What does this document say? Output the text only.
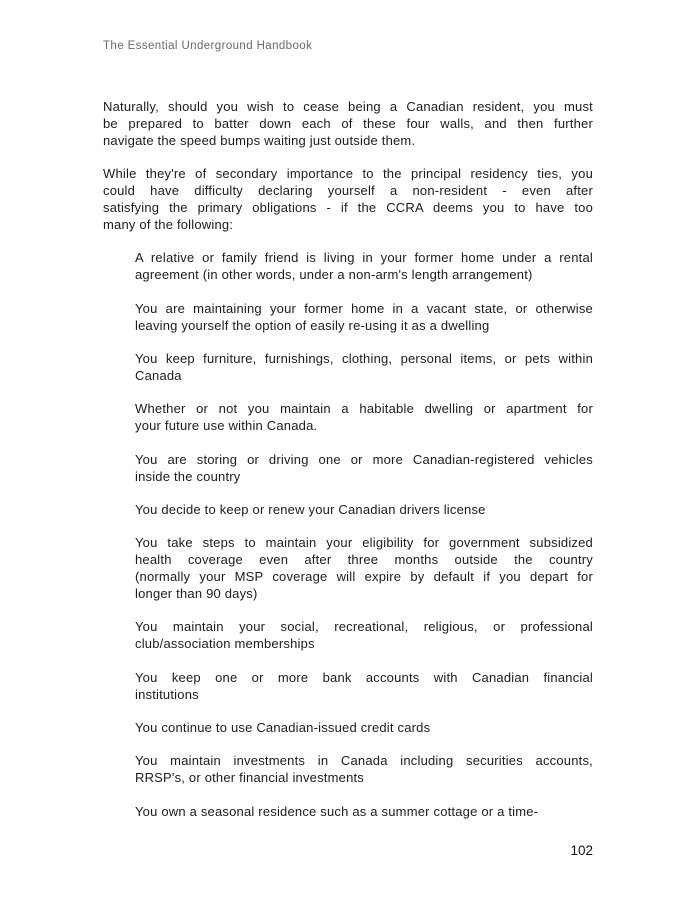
The Essential Underground Handbook
Naturally, should you wish to cease being a Canadian resident, you must
be prepared to batter down each of these four walls, and then further
navigate the speed bumps waiting just outside them.
While they're of secondary importance to the principal residency ties, you
could have difficulty declaring yourself a non-resident - even after
satisfying the primary obligations - if the CCRA deems you to have too
many of the following:
A relative or family friend is living in your former home under a rental
agreement (in other words, under a non-arm's length arrangement)
You are maintaining your former home in a vacant state, or otherwise
leaving yourself the option of easily re-using it as a dwelling
You keep furniture, furnishings, clothing, personal items, or pets within
Canada
Whether or not you maintain a habitable dwelling or apartment for
your future use within Canada.
You are storing or driving one or more Canadian-registered vehicles
inside the country
You decide to keep or renew your Canadian drivers license
You take steps to maintain your eligibility for government subsidized
health coverage even after three months outside the country
(normally your MSP coverage will expire by default if you depart for
longer than 90 days)
You maintain your social, recreational, religious, or professional
club/association memberships
You keep one or more bank accounts with Canadian financial
institutions
You continue to use Canadian-issued credit cards
You maintain investments in Canada including securities accounts,
RRSP's, or other financial investments
You own a seasonal residence such as a summer cottage or a time-
102
